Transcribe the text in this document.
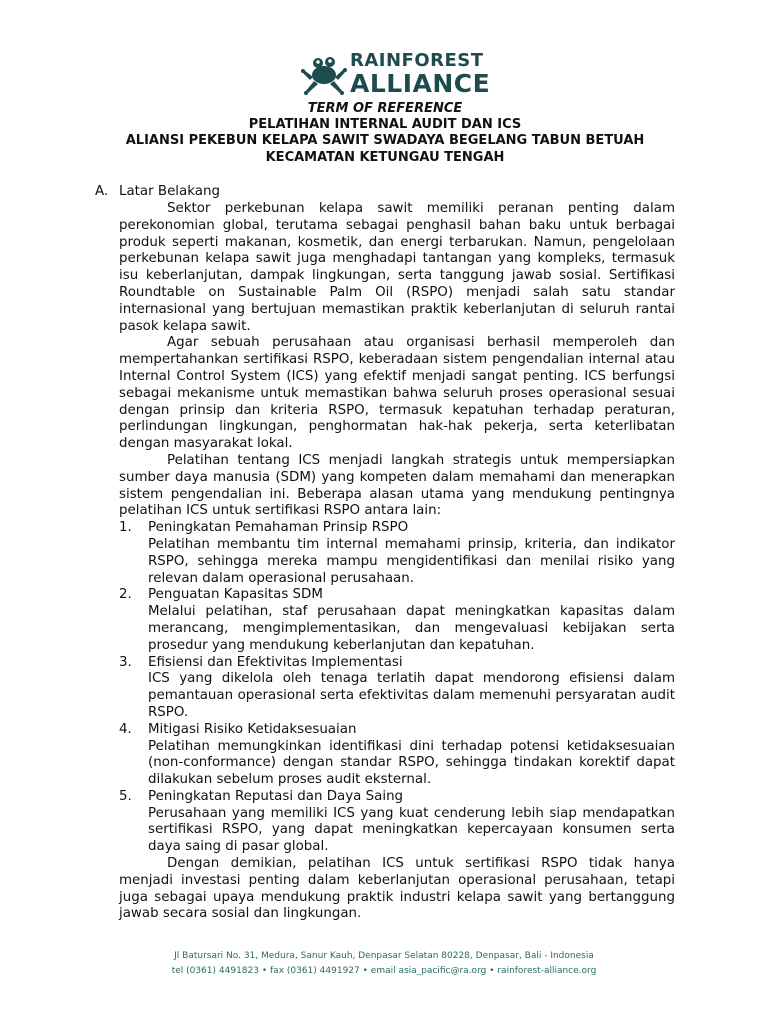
RAINFOREST
ALLIANCE
TERM OF REFERENCE
PELATIHAN INTERNAL AUDIT DAN ICS
ALIANSI PEKEBUN KELAPA SAWIT SWADAYA BEGELANG TABUN BETUAH
KECAMATAN KETUNGAU TENGAH
A. Latar Belakang

Sektor perkebunan kelapa sawit memiliki peranan penting dalam perekonomian global, terutama sebagai penghasil bahan baku untuk berbagai produk seperti makanan, kosmetik, dan energi terbarukan. Namun, pengelolaan perkebunan kelapa sawit juga menghadapi tantangan yang kompleks, termasuk isu keberlanjutan, dampak lingkungan, serta tanggung jawab sosial. Sertifikasi Roundtable on Sustainable Palm Oil (RSPO) menjadi salah satu standar internasional yang bertujuan memastikan praktik keberlanjutan di seluruh rantai pasok kelapa sawit.

Agar sebuah perusahaan atau organisasi berhasil memperoleh dan mempertahankan sertifikasi RSPO, keberadaan sistem pengendalian internal atau Internal Control System (ICS) yang efektif menjadi sangat penting. ICS berfungsi sebagai mekanisme untuk memastikan bahwa seluruh proses operasional sesuai dengan prinsip dan kriteria RSPO, termasuk kepatuhan terhadap peraturan, perlindungan lingkungan, penghormatan hak-hak pekerja, serta keterlibatan dengan masyarakat lokal.

Pelatihan tentang ICS menjadi langkah strategis untuk mempersiapkan sumber daya manusia (SDM) yang kompeten dalam memahami dan menerapkan sistem pengendalian ini. Beberapa alasan utama yang mendukung pentingnya pelatihan ICS untuk sertifikasi RSPO antara lain:

1. Peningkatan Pemahaman Prinsip RSPO
Pelatihan membantu tim internal memahami prinsip, kriteria, dan indikator RSPO, sehingga mereka mampu mengidentifikasi dan menilai risiko yang relevan dalam operasional perusahaan.
2. Penguatan Kapasitas SDM
Melalui pelatihan, staf perusahaan dapat meningkatkan kapasitas dalam merancang, mengimplementasikan, dan mengevaluasi kebijakan serta prosedur yang mendukung keberlanjutan dan kepatuhan.
3. Efisiensi dan Efektivitas Implementasi
ICS yang dikelola oleh tenaga terlatih dapat mendorong efisiensi dalam pemantauan operasional serta efektivitas dalam memenuhi persyaratan audit RSPO.
4. Mitigasi Risiko Ketidaksesuaian
Pelatihan memungkinkan identifikasi dini terhadap potensi ketidaksesuaian (non-conformance) dengan standar RSPO, sehingga tindakan korektif dapat dilakukan sebelum proses audit eksternal.
5. Peningkatan Reputasi dan Daya Saing
Perusahaan yang memiliki ICS yang kuat cenderung lebih siap mendapatkan sertifikasi RSPO, yang dapat meningkatkan kepercayaan konsumen serta daya saing di pasar global.

Dengan demikian, pelatihan ICS untuk sertifikasi RSPO tidak hanya menjadi investasi penting dalam keberlanjutan operasional perusahaan, tetapi juga sebagai upaya mendukung praktik industri kelapa sawit yang bertanggung jawab secara sosial dan lingkungan.

Jl Batursari No. 31, Medura, Sanur Kauh, Denpasar Selatan 80228, Denpasar, Bali - Indonesia
tel (0361) 4491823 • fax (0361) 4491927 • email asia_pacific@ra.org • rainforest-alliance.org
